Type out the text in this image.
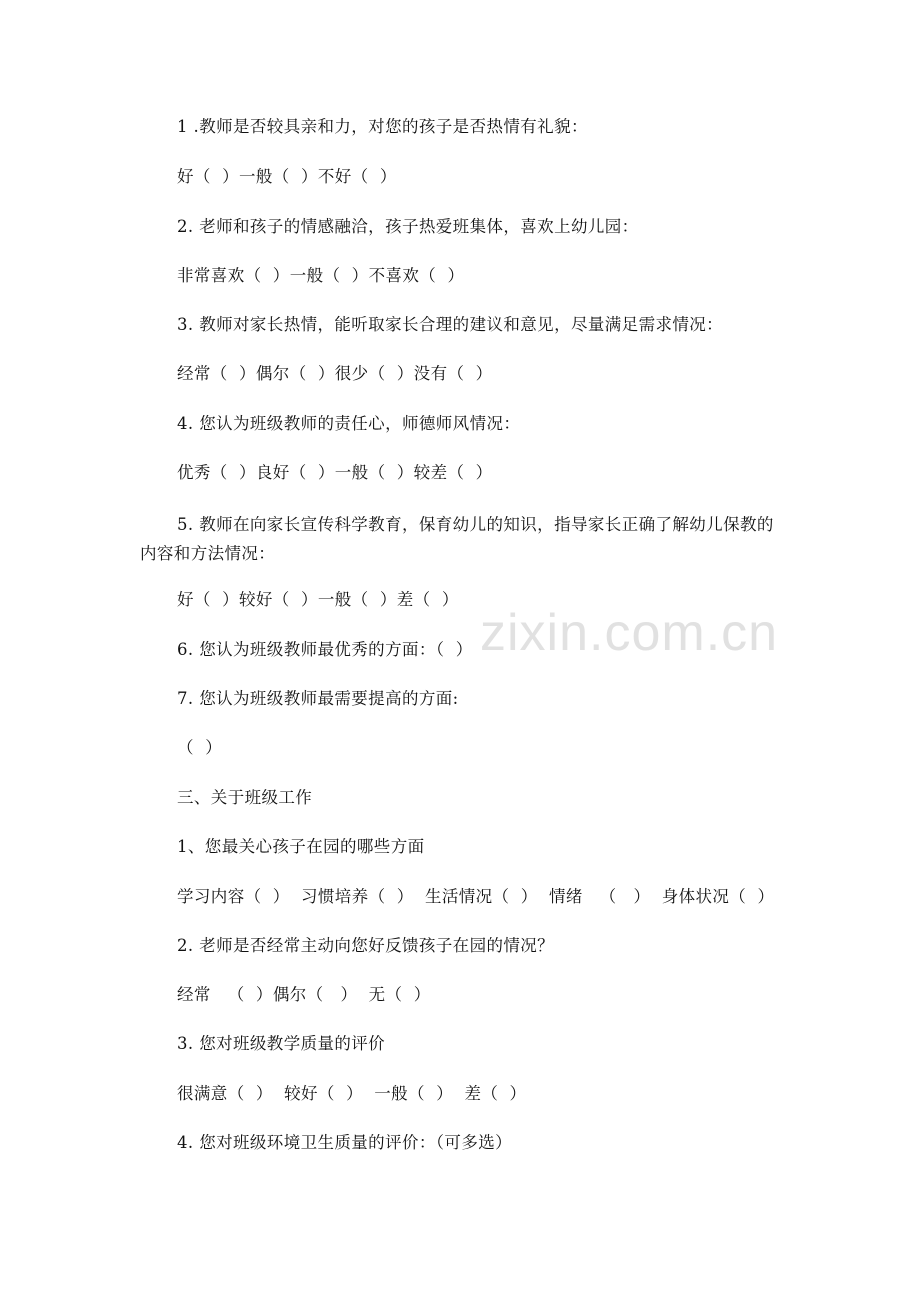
zixin.com.cn
1 .教师是否较具亲和力，对您的孩子是否热情有礼貌：
好（  ）一般（  ）不好（  ）
2. 老师和孩子的情感融洽，孩子热爱班集体，喜欢上幼儿园：
非常喜欢（  ）一般（  ）不喜欢（  ）
3. 教师对家长热情，能听取家长合理的建议和意见，尽量满足需求情况：
经常（  ）偶尔（  ）很少（  ）没有（  ）
4. 您认为班级教师的责任心，师德师风情况：
优秀（  ）良好（  ）一般（  ）较差（  ）
5. 教师在向家长宣传科学教育，保育幼儿的知识，指导家长正确了解幼儿保教的内容和方法情况：
好（  ）较好（  ）一般（  ）差（  ）
6. 您认为班级教师最优秀的方面：（  ）
7. 您认为班级教师最需要提高的方面:
（  ）
三、关于班级工作
1、您最关心孩子在园的哪些方面
学习内容（  ）  习惯培养（  ）  生活情况（  ）  情绪   （   ）  身体状况（  ）
2. 老师是否经常主动向您好反馈孩子在园的情况？
经常   （  ）偶尔（   ）  无（  ）
3. 您对班级教学质量的评价
很满意（  ）  较好（  ）  一般（  ）  差（  ）
4. 您对班级环境卫生质量的评价：（可多选）
